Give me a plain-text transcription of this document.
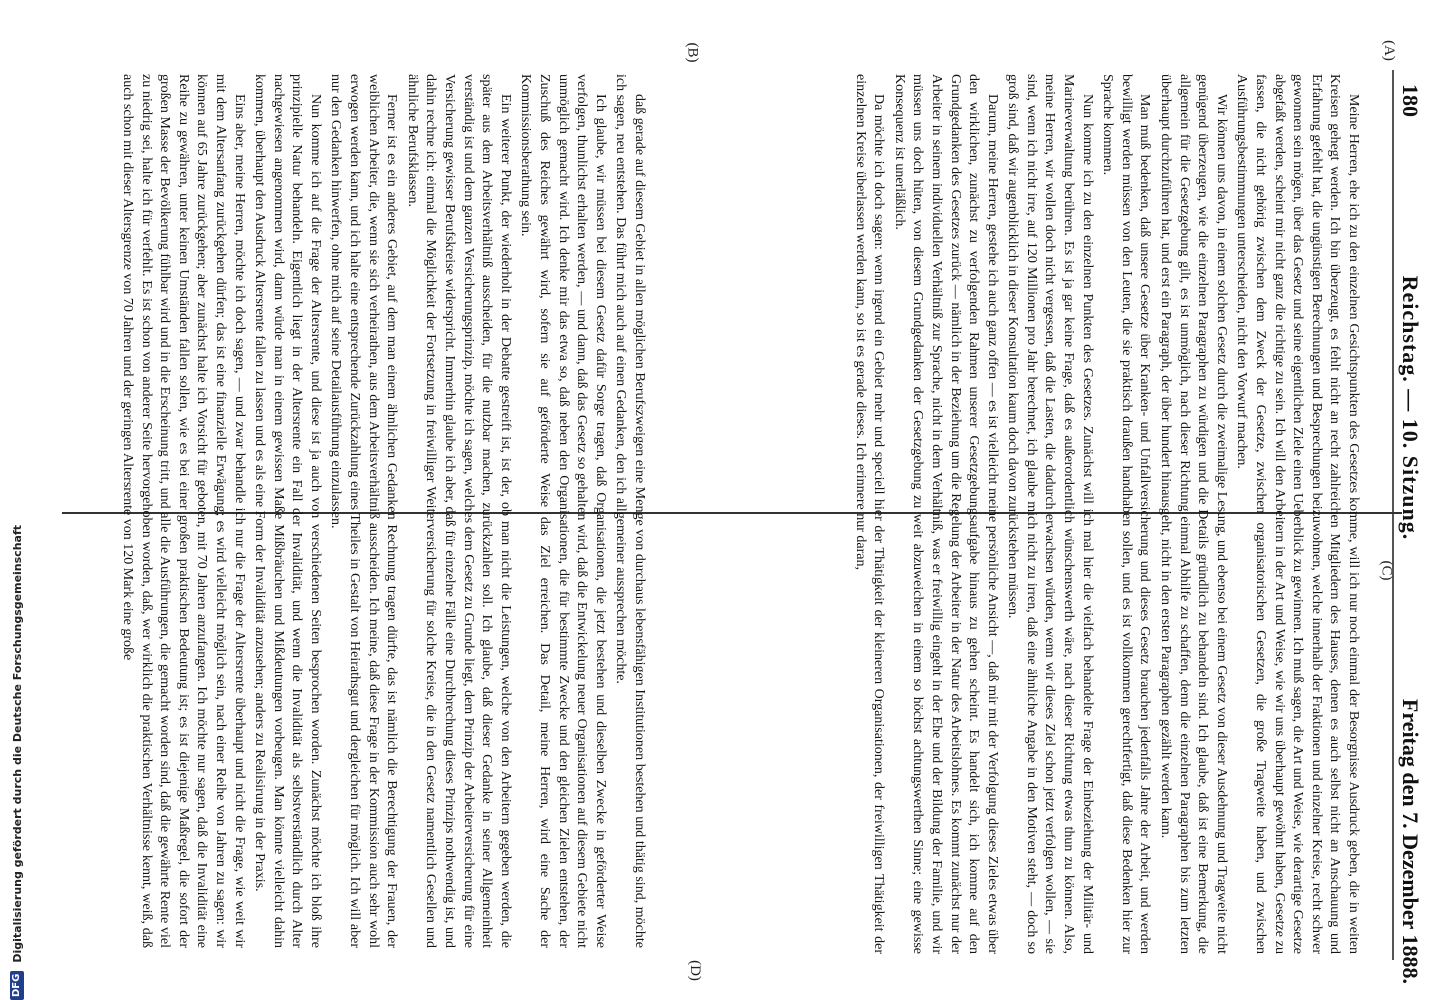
180
Reichstag. — 10. Sitzung.
Freitag den 7. Dezember 1888.
(A)
(B)
(C)
(D)

Meine Herren, ehe ich zu den einzelnen Gesichtspunkten des Gesetzes komme, will ich nur noch einmal der Besorgnisse Ausdruck geben, die in weiten Kreisen gehegt werden. Ich bin überzeugt, es fehlt nicht an recht zahlreichen Mitgliedern des Hauses, denen es auch selbst nicht an Anschauung und Erfahrung gefehlt hat, die ungünstigen Berechnungen und Besprechungen beizuwohnen, welche innerhalb der Fraktionen und einzelner Kreise, recht schwer gewonnen sein mögen, über das Gesetz und seine eigentlichen Ziele einen Ueberblick zu gewinnen. Ich muß sagen, die Art und Weise, wie derartige Gesetze abgefaßt werden, scheint mir nicht ganz die richtige zu sein. Ich will den Arbeitern in der Art und Weise, wie wir uns überhaupt gewöhnt haben, Gesetze zu fassen, die nicht gehörig zwischen dem Zweck der Gesetze, zwischen organisatorischen Gesetzen, die große Tragweite haben, und zwischen Ausführungsbestimmungen unterscheiden, nicht den Vorwurf machen.

Wir können uns davon, in einem solchen Gesetz durch die zweimalige Lesung, und ebenso bei einem Gesetz von dieser Ausdehnung und Tragweite nicht genügend überzeugen, wie die einzelnen Paragraphen zu würdigen und die Details gründlich zu behandeln sind. Ich glaube, daß ist eine Bemerkung, die allgemein für die Gesetzgebung gilt, es ist unmöglich, nach dieser Richtung einmal Abhilfe zu schaffen, denn die einzelnen Paragraphen bis zum letzten überhaupt durchzuführen hat, und erst ein Paragraph, der über hundert hinausgeht, nicht in den ersten Paragraphen gezählt werden kann.

Man muß bedenken, daß unsere Gesetze über Kranken- und Unfallversicherung und dieses Gesetz brauchen jedenfalls Jahre der Arbeit, und werden bewilligt werden müssen von den Leuten, die sie praktisch draußen handhaben sollen, und es ist vollkommen gerechtfertigt, daß diese Bedenken hier zur Sprache kommen.

Nun komme ich zu den einzelnen Punkten des Gesetzes. Zunächst will ich mal hier die vielfach behandelte Frage der Einbeziehung der Militär- und Marineverwaltung berühren. Es ist ja gar keine Frage, daß es außerordentlich wünschenswerth wäre, nach dieser Richtung etwas thun zu können. Also, meine Herren, wir wollen doch nicht vergessen, daß die Lasten, die dadurch erwachsen würden, wenn wir dieses Ziel schon jetzt verfolgen wollen, — sie sind, wenn ich nicht irre, auf 120 Millionen pro Jahr berechnet, ich glaube mich nicht zu irren, daß eine ähnliche Angabe in den Motiven steht, — doch so groß sind, daß wir augenblicklich in dieser Konsultation kaum doch davon zurückstehen müssen.

Darum, meine Herren, gestehe ich auch ganz offen — es ist vielleicht meine persönliche Ansicht —, daß mir mit der Verfolgung dieses Zieles etwas über den wirklichen, zunächst zu verfolgenden Rahmen unserer Gesetzgebungsaufgabe hinaus zu gehen scheint. Es handelt sich, ich komme auf den Grundgedanken des Gesetzes zurück — nämlich in der Beziehung um die Regelung der Arbeiter in der Natur des Arbeitslohnes. Es kommt zunächst nur der Arbeiter in seinem individuellen Verhältniß zur Sprache, nicht in dem Verhältniß, was er freiwillig eingeht in der Ehe und der Bildung der Familie, und wir müssen uns doch hüten, von diesem Grundgedanken der Gesetzgebung zu weit abzuweichen in einem so höchst achtungswerthen Sinne; eine gewisse Konsequenz ist unerläßlich.

Da möchte ich doch sagen: wenn irgend ein Gebiet mehr und speciell hier der Thätigkeit der kleineren Organisationen, der freiwilligen Thätigkeit der einzelnen Kreise überlassen werden kann, so ist es gerade dieses. Ich erinnere nur daran,

daß gerade auf diesem Gebiet in allen möglichen Berufszweigen eine Menge von durchaus lebensfähigen Institutionen bestehen und thätig sind, möchte ich sagen, neu entstehen. Das führt mich auch auf einen Gedanken, den ich allgemeiner aussprechen möchte.

Ich glaube, wir müssen bei diesem Gesetz dafür Sorge tragen, daß Organisationen, die jetzt bestehen und dieselben Zwecke in geförderter Weise verfolgen, thunlichst erhalten werden, — und dann, daß das Gesetz so gehalten wird, daß die Entwickelung neuer Organisationen auf diesem Gebiete nicht unmöglich gemacht wird. Ich denke mir das etwa so, daß neben den Organisationen, die für bestimmte Zwecke und den gleichen Zielen entstehen, der Zuschuß des Reiches gewährt wird, sofern sie auf geförderte Weise das Ziel erreichen. Das Detail, meine Herren, wird eine Sache der Kommissionsberathung sein.

Ein weiterer Punkt, der wiederholt in der Debatte gestreift ist, ist der, ob man nicht die Leistungen, welche von den Arbeitern gegeben werden, die später aus dem Arbeitsverhältniß ausscheiden, für die nutzbar machen, zurückzahlen soll. Ich glaube, daß dieser Gedanke in seiner Allgemeinheit verständig ist und dem ganzen Versicherungsprinzip, möchte ich sagen, welches dem Gesetz zu Grunde liegt, dem Prinzip der Arbeiterversicherung für eine Versicherung gewisser Berufskreise widerspricht. Immerhin glaube ich aber, daß für einzelne Fälle eine Durchbrechung dieses Prinzips nothwendig ist, und dahin rechne ich: einmal die Möglichkeit der Fortsetzung in freiwilliger Weiterversicherung für solche Kreise, die in den Gesetz namentlich Gesellen und ähnliche Berufsklassen.

Ferner ist es ein anderes Gebiet, auf dem man einem ähnlichen Gedanken Rechnung tragen dürfte, das ist nämlich die Berechtigung der Frauen, der weiblichen Arbeiter, die, wenn sie sich verheirathen, aus dem Arbeitsverhältniß ausscheiden. Ich meine, daß diese Frage in der Kommission auch sehr wohl erwogen werden kann, und ich halte eine entsprechende Zurückzahlung eines Theiles in Gestalt von Heirathsgut und dergleichen für möglich. Ich will aber nur den Gedanken hinwerfen, ohne mich auf seine Detailausführung einzulassen.

Nun komme ich auf die Frage der Altersrente, und diese ist ja auch von verschiedenen Seiten besprochen worden. Zunächst möchte ich bloß ihre prinzipielle Natur behandeln. Eigentlich liegt in der Altersrente ein Fall der Invalidität, und wenn die Invalidität als selbstverständlich durch Alter nachgewiesen angenommen wird, dann würde man in einem gewissen Maße Mißbräuchen und Mißdeutungen vorbeugen. Man könnte vielleicht dahin kommen, überhaupt den Ausdruck Altersrente fallen zu lassen und es als eine Form der Invalidität anzusehen; anders zu Realisirung in der Praxis.

Eins aber, meine Herren, möchte ich doch sagen, — und zwar behandle ich nur die Frage der Altersrente überhaupt und nicht die Frage, wie weit wir mit dem Altersanfang zurückgehen dürfen; das ist eine finanzielle Erwägung; es wird vielleicht möglich sein, nach einer Reihe von Jahren zu sagen: wir können auf 65 Jahre zurückgehen; aber zunächst halte ich Vorsicht für geboten, mit 70 Jahren anzufangen. Ich möchte nur sagen, daß die Invalidität eine Reihe zu gewähren, unter keinen Umständen fallen sollen, wie es bei einer großen praktischen Bedeutung ist; es ist diejenige Maßregel, die sofort der großen Masse der Bevölkerung fühlbar wird und in die Erscheinung tritt, und alle die Ausführungen, die gemacht worden sind, daß die gewährte Rente viel zu niedrig sei, halte ich für verfehlt. Es ist schon von anderer Seite hervorgehoben worden, daß, wer wirklich die praktischen Verhältnisse kennt, weiß, daß auch schon mit dieser Altersgrenze von 70 Jahren und der geringen Altersrente von 120 Mark eine große

DFG
Digitalisierung gefördert durch die Deutsche Forschungsgemeinschaft
